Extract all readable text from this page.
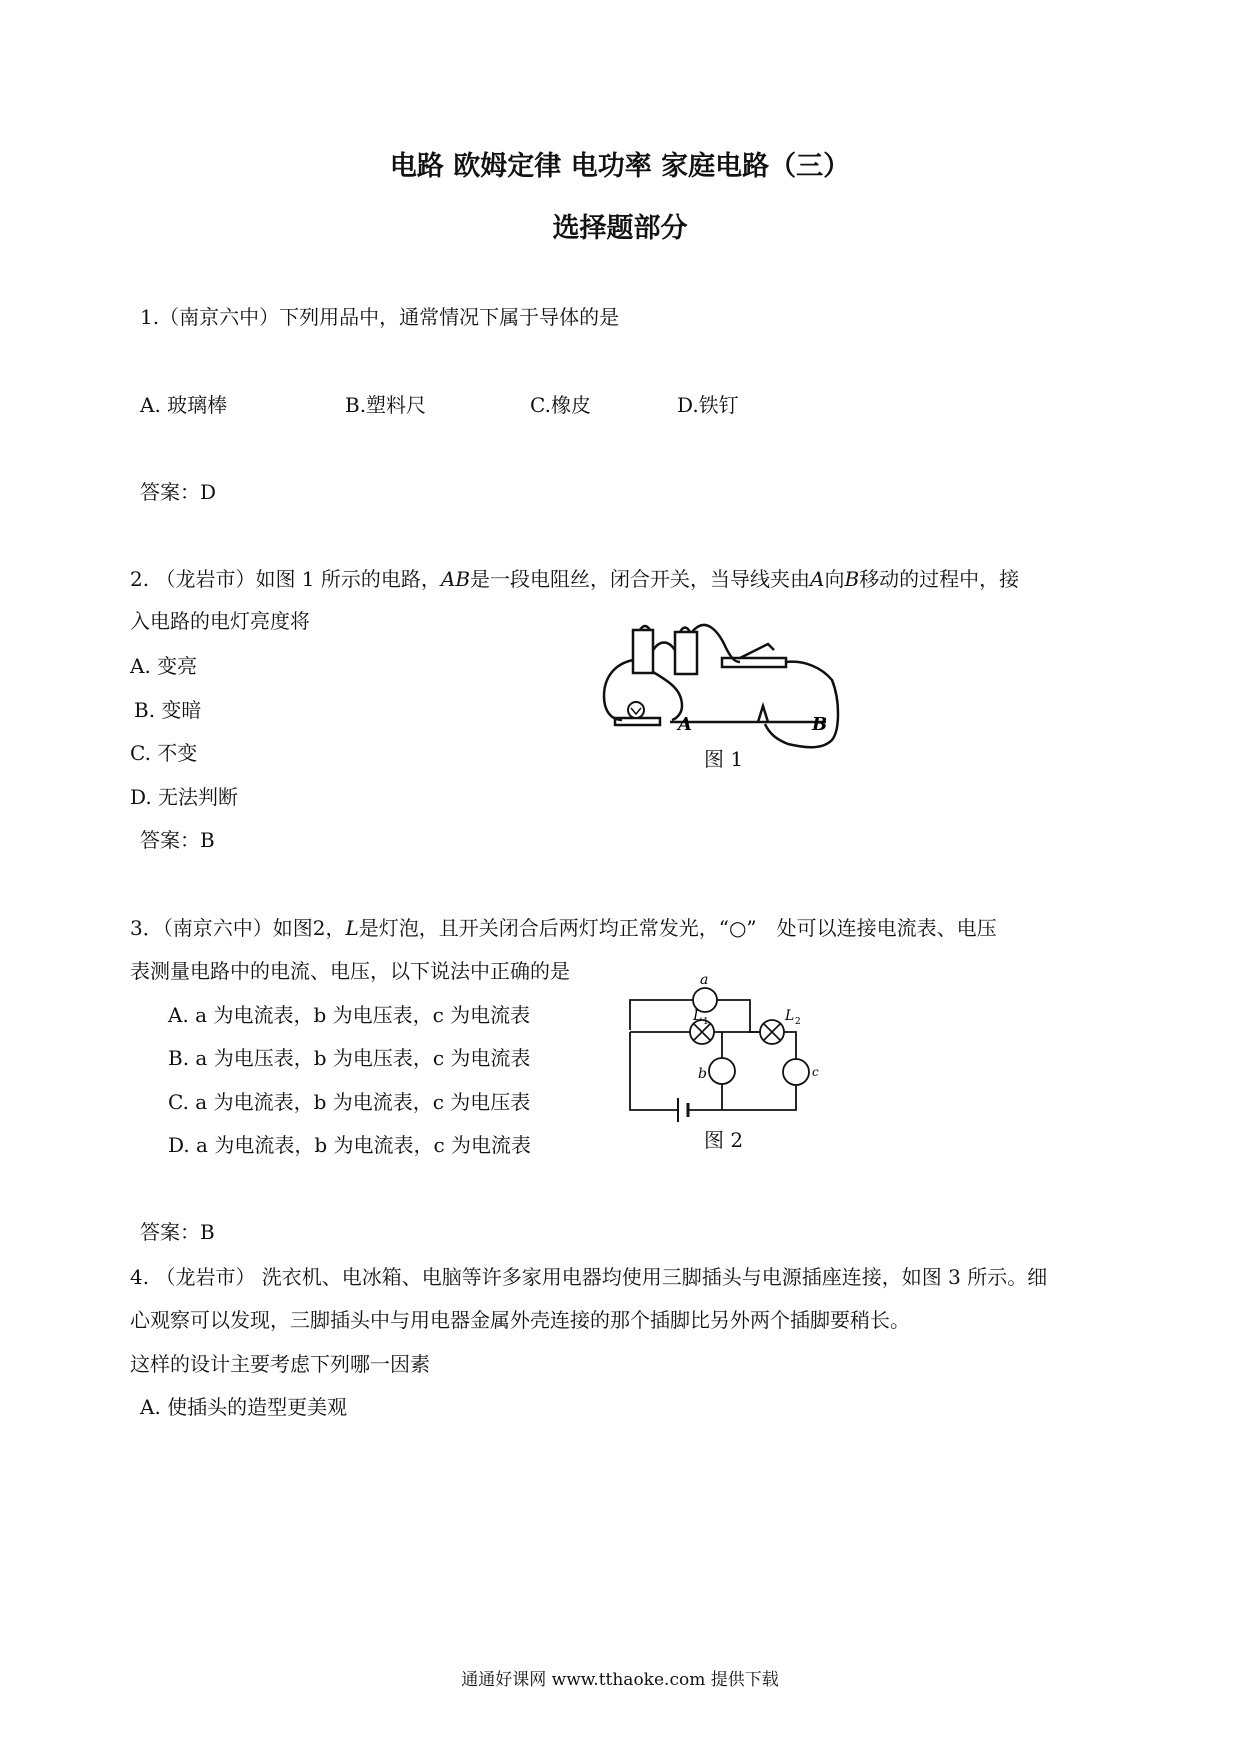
电路 欧姆定律 电功率 家庭电路（三）
选择题部分
1.（南京六中）下列用品中，通常情况下属于导体的是
A. 玻璃棒	B.塑料尺	C.橡皮	D.铁钉
答案：D
2. （龙岩市）如图 1 所示的电路，AB是一段电阻丝，闭合开关，当导线夹由A向B移动的过程中，接
入电路的电灯亮度将
A. 变亮
B. 变暗
C. 不变
D. 无法判断
答案：B
A	B
图 1
3．（南京六中）如图2，L是灯泡，且开关闭合后两灯均正常发光，“○”　处可以连接电流表、电压
表测量电路中的电流、电压，以下说法中正确的是
A. a 为电流表，b 为电压表，c 为电流表
B. a 为电压表，b 为电压表，c 为电流表
C. a 为电流表，b 为电流表，c 为电压表
D. a 为电流表，b 为电流表，c 为电流表
答案：B
a
L 1	L 2
b	c
图 2
4. （龙岩市） 洗衣机、电冰箱、电脑等许多家用电器均使用三脚插头与电源插座连接，如图 3 所示。细
心观察可以发现，三脚插头中与用电器金属外壳连接的那个插脚比另外两个插脚要稍长。
这样的设计主要考虑下列哪一因素
A. 使插头的造型更美观
通通好课网 www.tthaoke.com 提供下载
